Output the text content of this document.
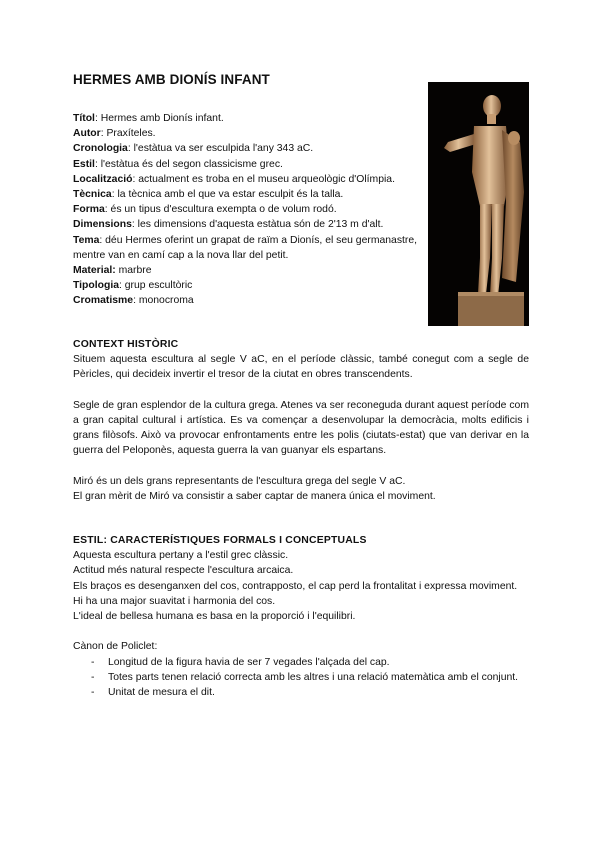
HERMES AMB DIONÍS INFANT
Títol: Hermes amb Dionís infant.
Autor: Praxíteles.
Cronologia: l'estàtua va ser esculpida l'any 343 aC.
Estil: l'estàtua és del segon classicisme grec.
Localització: actualment es troba en el museu arqueològic d'Olímpia.
Tècnica: la tècnica amb el que va estar esculpit és la talla.
Forma: és un tipus d'escultura exempta o de volum rodó.
Dimensions: les dimensions d'aquesta estàtua són de 2'13 m d'alt.
Tema: déu Hermes oferint un grapat de raïm a Dionís, el seu germanastre, mentre van en camí cap a la nova llar del petit.
Material: marbre
Tipologia: grup escultòric
Cromatisme: monocroma
CONTEXT HISTÒRIC
Situem aquesta escultura al segle V aC, en el període clàssic, també conegut com a segle de Pèricles, qui decideix invertir el tresor de la ciutat en obres transcendents.
Segle de gran esplendor de la cultura grega. Atenes va ser reconeguda durant aquest període com a gran capital cultural i artística. Es va començar a desenvolupar la democràcia, molts edificis i grans filòsofs. Això va provocar enfrontaments entre les polis (ciutats-estat) que van derivar en la guerra del Peloponès, aquesta guerra la van guanyar els espartans.
Miró és un dels grans representants de l'escultura grega del segle V aC.
El gran mèrit de Miró va consistir a saber captar de manera única el moviment.
ESTIL: CARACTERÍSTIQUES FORMALS I CONCEPTUALS
Aquesta escultura pertany a l'estil grec clàssic.
Actitud més natural respecte l'escultura arcaica.
Els braços es desenganxen del cos, contrapposto, el cap perd la frontalitat i expressa moviment.
Hi ha una major suavitat i harmonia del cos.
L'ideal de bellesa humana es basa en la proporció i l'equilibri.
Cànon de Policlet:
- Longitud de la figura havia de ser 7 vegades l'alçada del cap.
- Totes parts tenen relació correcta amb les altres i una relació matemàtica amb el conjunt.
- Unitat de mesura el dit.
